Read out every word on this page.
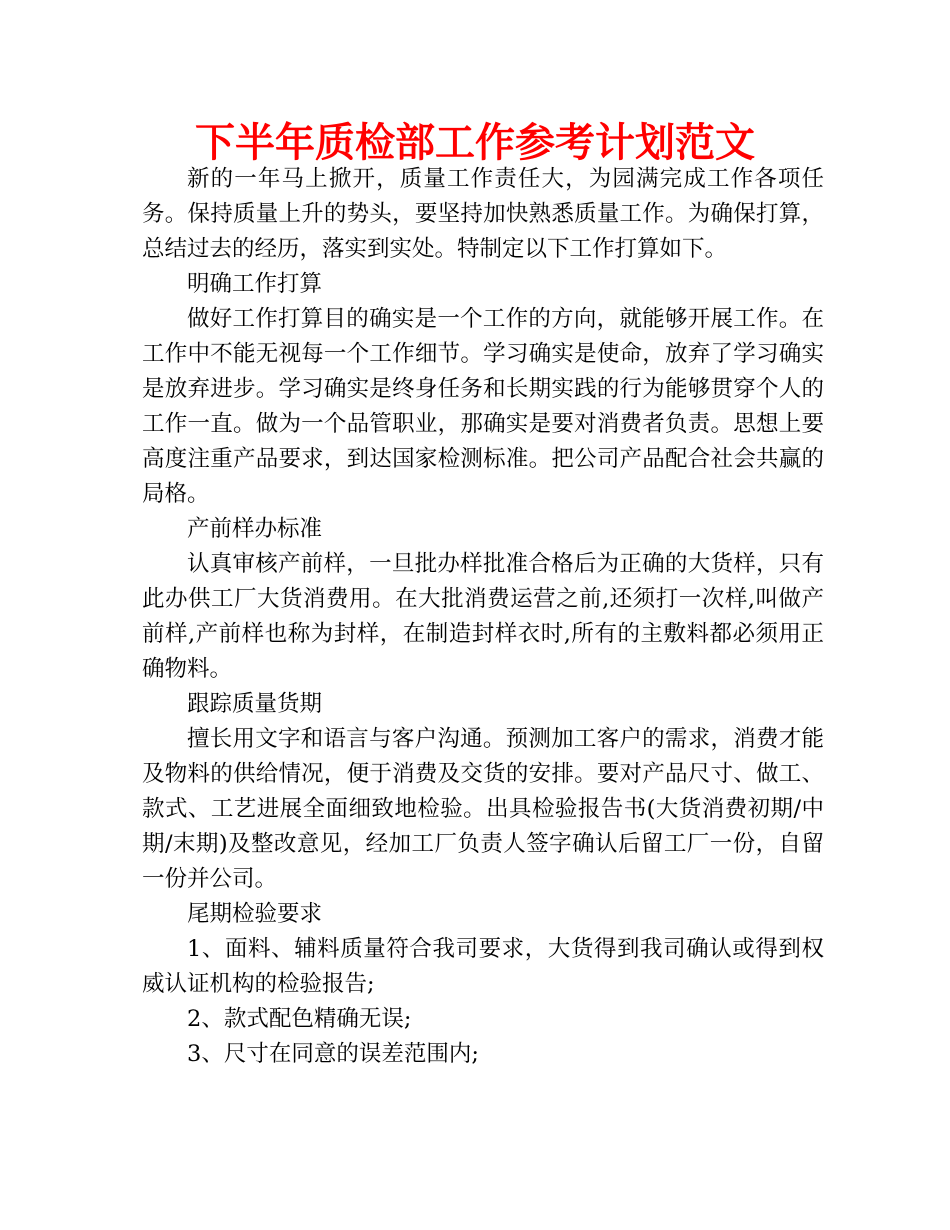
下半年质检部工作参考计划范文

新的一年马上掀开，质量工作责任大，为园满完成工作各项任务。保持质量上升的势头，要坚持加快熟悉质量工作。为确保打算，总结过去的经历，落实到实处。特制定以下工作打算如下。

明确工作打算

做好工作打算目的确实是一个工作的方向，就能够开展工作。在工作中不能无视每一个工作细节。学习确实是使命，放弃了学习确实是放弃进步。学习确实是终身任务和长期实践的行为能够贯穿个人的工作一直。做为一个品管职业，那确实是要对消费者负责。思想上要高度注重产品要求，到达国家检测标准。把公司产品配合社会共赢的局格。

产前样办标准

认真审核产前样，一旦批办样批准合格后为正确的大货样，只有此办供工厂大货消费用。在大批消费运营之前,还须打一次样,叫做产前样,产前样也称为封样，在制造封样衣时,所有的主敷料都必须用正确物料。

跟踪质量货期

擅长用文字和语言与客户沟通。预测加工客户的需求，消费才能及物料的供给情况，便于消费及交货的安排。要对产品尺寸、做工、款式、工艺进展全面细致地检验。出具检验报告书(大货消费初期/中期/末期)及整改意见，经加工厂负责人签字确认后留工厂一份，自留一份并公司。

尾期检验要求

1、面料、辅料质量符合我司要求，大货得到我司确认或得到权威认证机构的检验报告;

2、款式配色精确无误;

3、尺寸在同意的误差范围内;
